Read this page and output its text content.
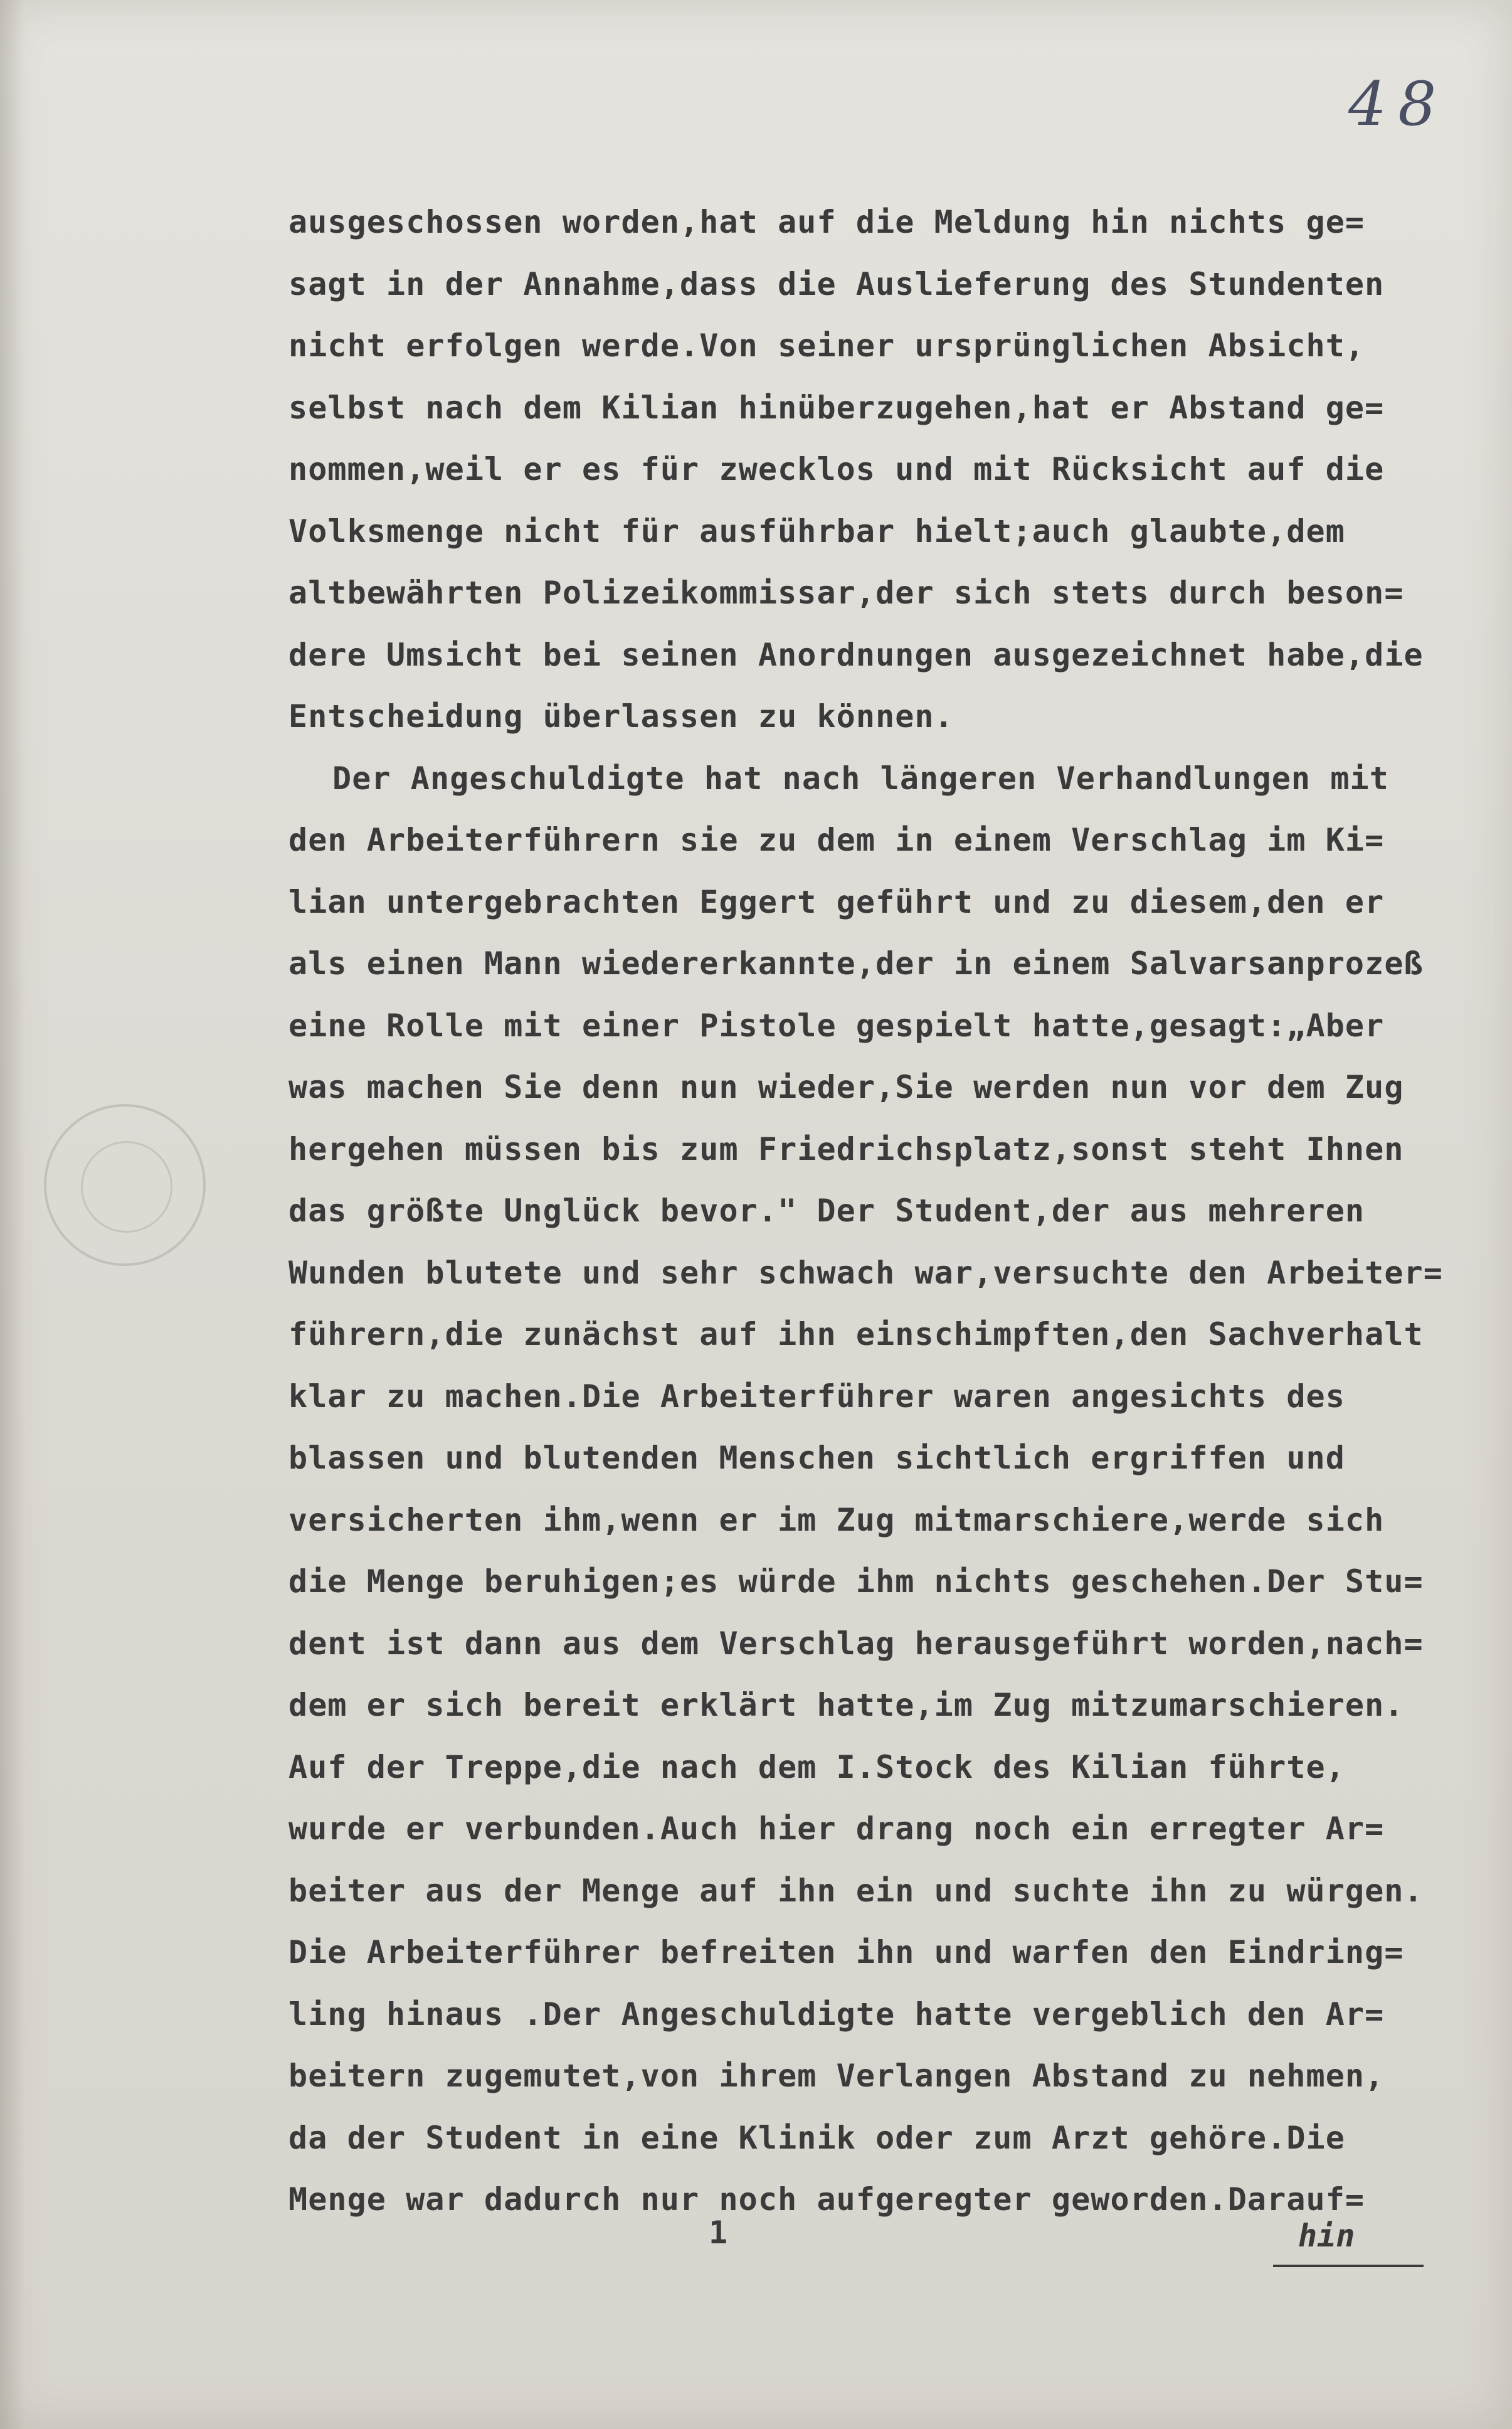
48
ausgeschossen worden,hat auf die Meldung hin nichts ge=
sagt in der Annahme,dass die Auslieferung des Stundenten
nicht erfolgen werde.Von seiner ursprünglichen Absicht,
selbst nach dem Kilian hinüberzugehen,hat er Abstand ge=
nommen,weil er es für zwecklos und mit Rücksicht auf die
Volksmenge nicht für ausführbar hielt;auch glaubte,dem
altbewährten Polizeikommissar,der sich stets durch beson=
dere Umsicht bei seinen Anordnungen ausgezeichnet habe,die
Entscheidung überlassen zu können.
Der Angeschuldigte hat nach längeren Verhandlungen mit
den Arbeiterführern sie zu dem in einem Verschlag im Ki=
lian untergebrachten Eggert geführt und zu diesem,den er
als einen Mann wiedererkannte,der in einem Salvarsanprozeß
eine Rolle mit einer Pistole gespielt hatte,gesagt:„Aber
was machen Sie denn nun wieder,Sie werden nun vor dem Zug
hergehen müssen bis zum Friedrichsplatz,sonst steht Ihnen
das größte Unglück bevor." Der Student,der aus mehreren
Wunden blutete und sehr schwach war,versuchte den Arbeiter=
führern,die zunächst auf ihn einschimpften,den Sachverhalt
klar zu machen.Die Arbeiterführer waren angesichts des
blassen und blutenden Menschen sichtlich ergriffen und
versicherten ihm,wenn er im Zug mitmarschiere,werde sich
die Menge beruhigen;es würde ihm nichts geschehen.Der Stu=
dent ist dann aus dem Verschlag herausgeführt worden,nach=
dem er sich bereit erklärt hatte,im Zug mitzumarschieren.
Auf der Treppe,die nach dem I.Stock des Kilian führte,
wurde er verbunden.Auch hier drang noch ein erregter Ar=
beiter aus der Menge auf ihn ein und suchte ihn zu würgen.
Die Arbeiterführer befreiten ihn und warfen den Eindring=
ling hinaus .Der Angeschuldigte hatte vergeblich den Ar=
beitern zugemutet,von ihrem Verlangen Abstand zu nehmen,
da der Student in eine Klinik oder zum Arzt gehöre.Die
Menge war dadurch nur noch aufgeregter geworden.Darauf=
1	hin
